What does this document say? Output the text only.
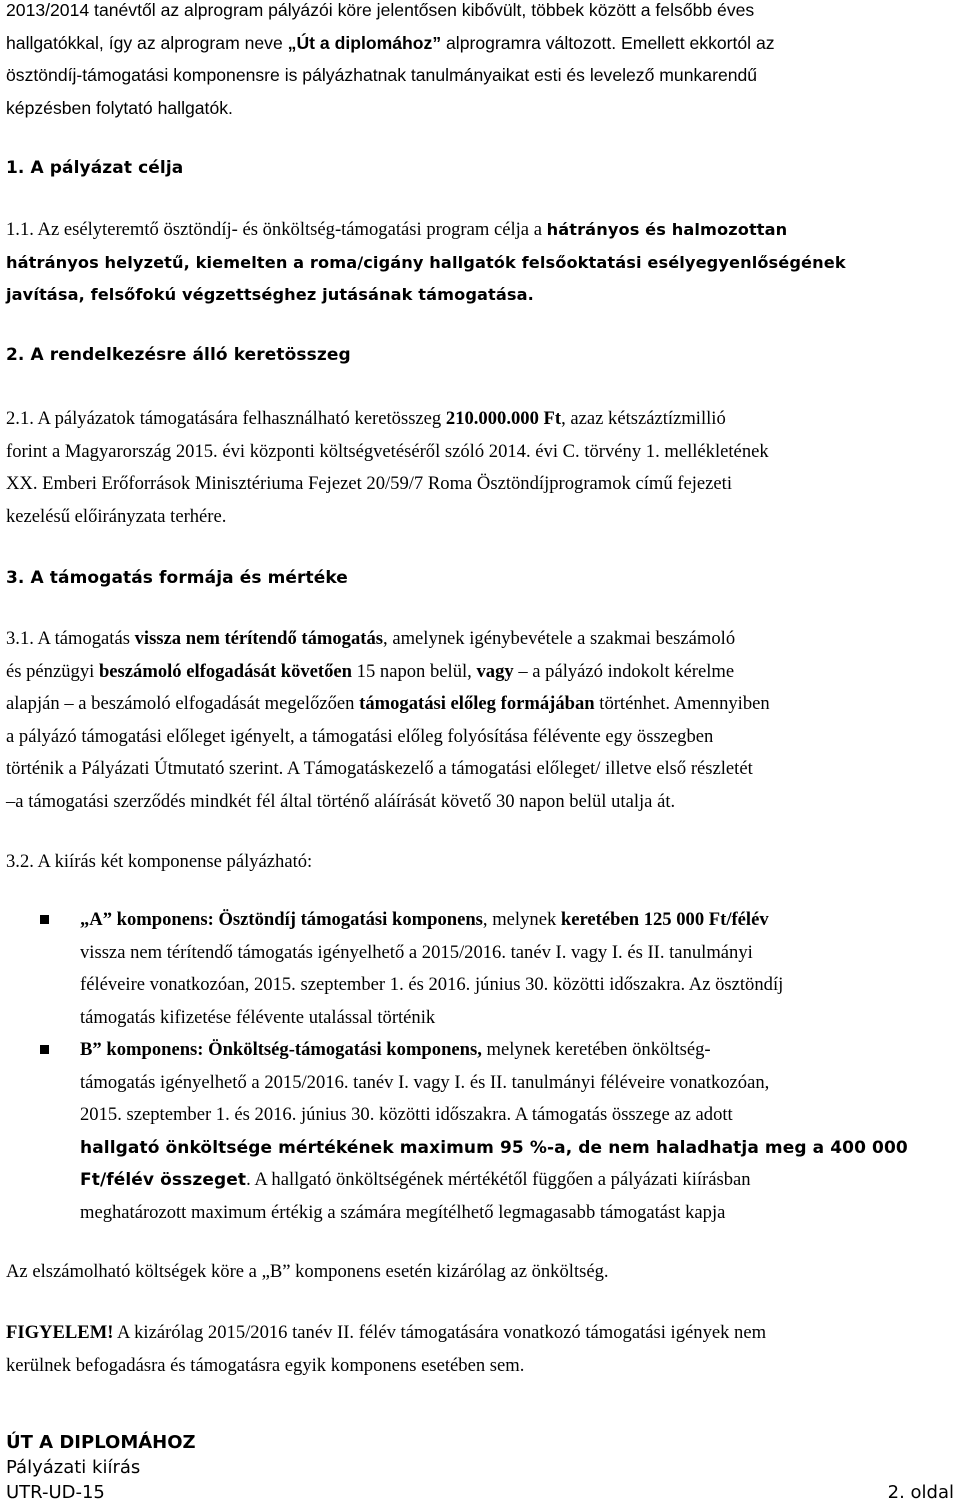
2013/2014 tanévtől az alprogram pályázói köre jelentősen kibővült, többek között a felsőbb éves
hallgatókkal, így az alprogram neve „Út a diplomához” alprogramra változott. Emellett ekkortól az
ösztöndíj-támogatási komponensre is pályázhatnak tanulmányaikat esti és levelező munkarendű
képzésben folytató hallgatók.
1. A pályázat célja
1.1. Az esélyteremtő ösztöndíj- és önköltség-támogatási program célja a hátrányos és halmozottan
hátrányos helyzetű, kiemelten a roma/cigány hallgatók felsőoktatási esélyegyenlőségének
javítása, felsőfokú végzettséghez jutásának támogatása.
2. A rendelkezésre álló keretösszeg
2.1. A pályázatok támogatására felhasználható keretösszeg 210.000.000 Ft, azaz kétszáztízmillió
forint a Magyarország 2015. évi központi költségvetéséről szóló 2014. évi C. törvény 1. mellékletének
XX. Emberi Erőforrások Minisztériuma Fejezet 20/59/7 Roma Ösztöndíjprogramok című fejezeti
kezelésű előirányzata terhére.
3. A támogatás formája és mértéke
3.1. A támogatás vissza nem térítendő támogatás, amelynek igénybevétele a szakmai beszámoló
és pénzügyi beszámoló elfogadását követően 15 napon belül, vagy – a pályázó indokolt kérelme
alapján – a beszámoló elfogadását megelőzően támogatási előleg formájában történhet. Amennyiben
a pályázó támogatási előleget igényelt, a támogatási előleg folyósítása félévente egy összegben
történik a Pályázati Útmutató szerint. A Támogatáskezelő a támogatási előleget/ illetve első részletét
–a támogatási szerződés mindkét fél által történő aláírását követő 30 napon belül utalja át.
3.2. A kiírás két komponense pályázható:
„A” komponens: Ösztöndíj támogatási komponens, melynek keretében 125 000 Ft/félév
vissza nem térítendő támogatás igényelhető a 2015/2016. tanév I. vagy I. és II. tanulmányi
féléveire vonatkozóan, 2015. szeptember 1. és 2016. június 30. közötti időszakra. Az ösztöndíj
támogatás kifizetése félévente utalással történik
B” komponens: Önköltség-támogatási komponens, melynek keretében önköltség-
támogatás igényelhető a 2015/2016. tanév I. vagy I. és II. tanulmányi féléveire vonatkozóan,
2015. szeptember 1. és 2016. június 30. közötti időszakra. A támogatás összege az adott
hallgató önköltsége mértékének maximum 95 %-a, de nem haladhatja meg a 400 000
Ft/félév összeget. A hallgató önköltségének mértékétől függően a pályázati kiírásban
meghatározott maximum értékig a számára megítélhető legmagasabb támogatást kapja
Az elszámolható költségek köre a „B” komponens esetén kizárólag az önköltség.
FIGYELEM! A kizárólag 2015/2016 tanév II. félév támogatására vonatkozó támogatási igények nem
kerülnek befogadásra és támogatásra egyik komponens esetében sem.
ÚT A DIPLOMÁHOZ
Pályázati kiírás
UTR-UD-15	2. oldal
